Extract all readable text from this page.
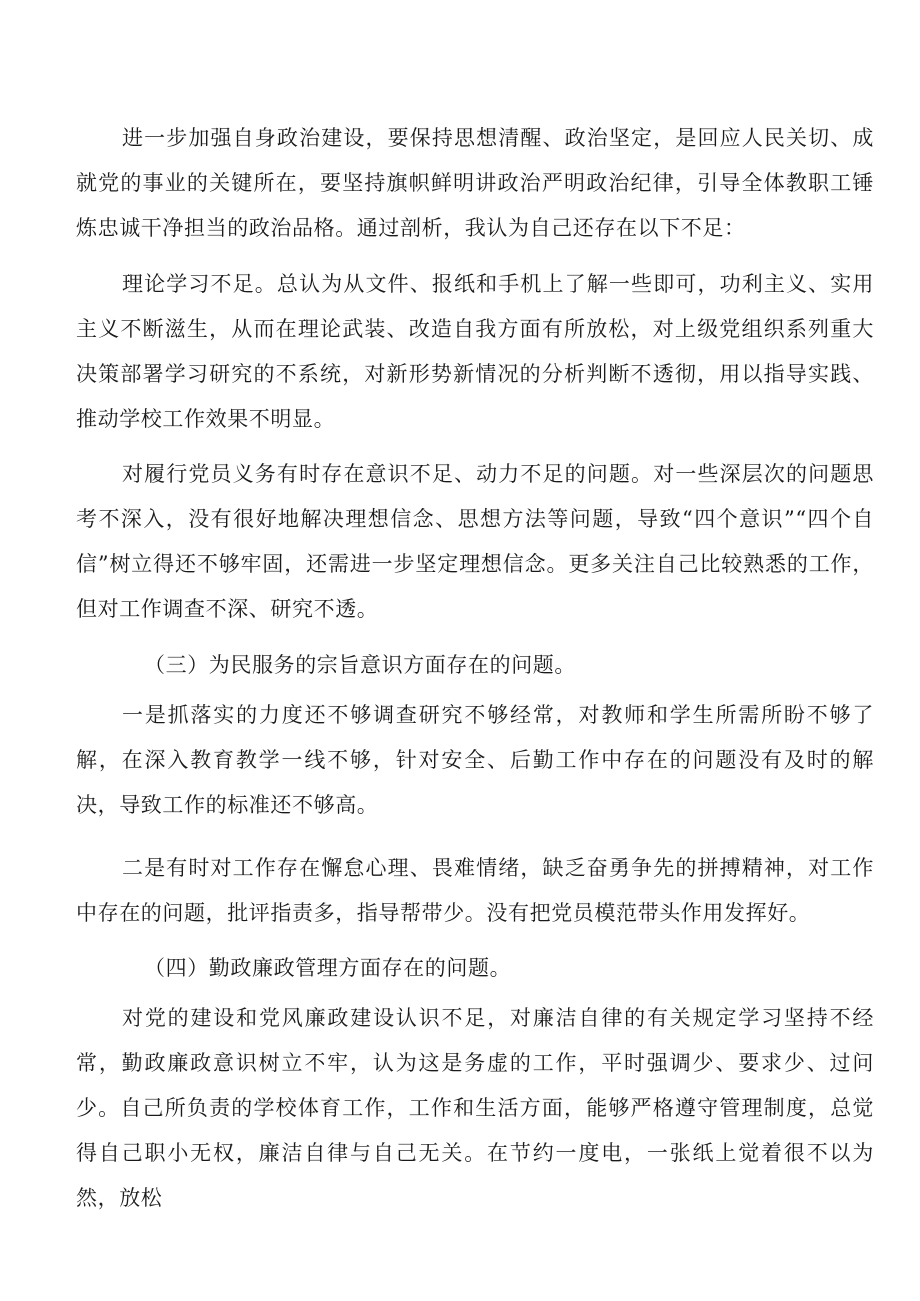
进一步加强自身政治建设，要保持思想清醒、政治坚定，是回应人民关切、成就党的事业的关键所在，要坚持旗帜鲜明讲政治严明政治纪律，引导全体教职工锤炼忠诚干净担当的政治品格。通过剖析，我认为自己还存在以下不足：

理论学习不足。总认为从文件、报纸和手机上了解一些即可，功利主义、实用主义不断滋生，从而在理论武装、改造自我方面有所放松，对上级党组织系列重大决策部署学习研究的不系统，对新形势新情况的分析判断不透彻，用以指导实践、推动学校工作效果不明显。

对履行党员义务有时存在意识不足、动力不足的问题。对一些深层次的问题思考不深入，没有很好地解决理想信念、思想方法等问题，导致“四个意识”“四个自信”树立得还不够牢固，还需进一步坚定理想信念。更多关注自己比较熟悉的工作，但对工作调查不深、研究不透。

（三）为民服务的宗旨意识方面存在的问题。

一是抓落实的力度还不够调查研究不够经常，对教师和学生所需所盼不够了解，在深入教育教学一线不够，针对安全、后勤工作中存在的问题没有及时的解决，导致工作的标准还不够高。

二是有时对工作存在懈怠心理、畏难情绪，缺乏奋勇争先的拼搏精神，对工作中存在的问题，批评指责多，指导帮带少。没有把党员模范带头作用发挥好。

（四）勤政廉政管理方面存在的问题。

对党的建设和党风廉政建设认识不足，对廉洁自律的有关规定学习坚持不经常，勤政廉政意识树立不牢，认为这是务虚的工作，平时强调少、要求少、过问少。自己所负责的学校体育工作，工作和生活方面，能够严格遵守管理制度，总觉得自己职小无权，廉洁自律与自己无关。在节约一度电，一张纸上觉着很不以为然，放松
